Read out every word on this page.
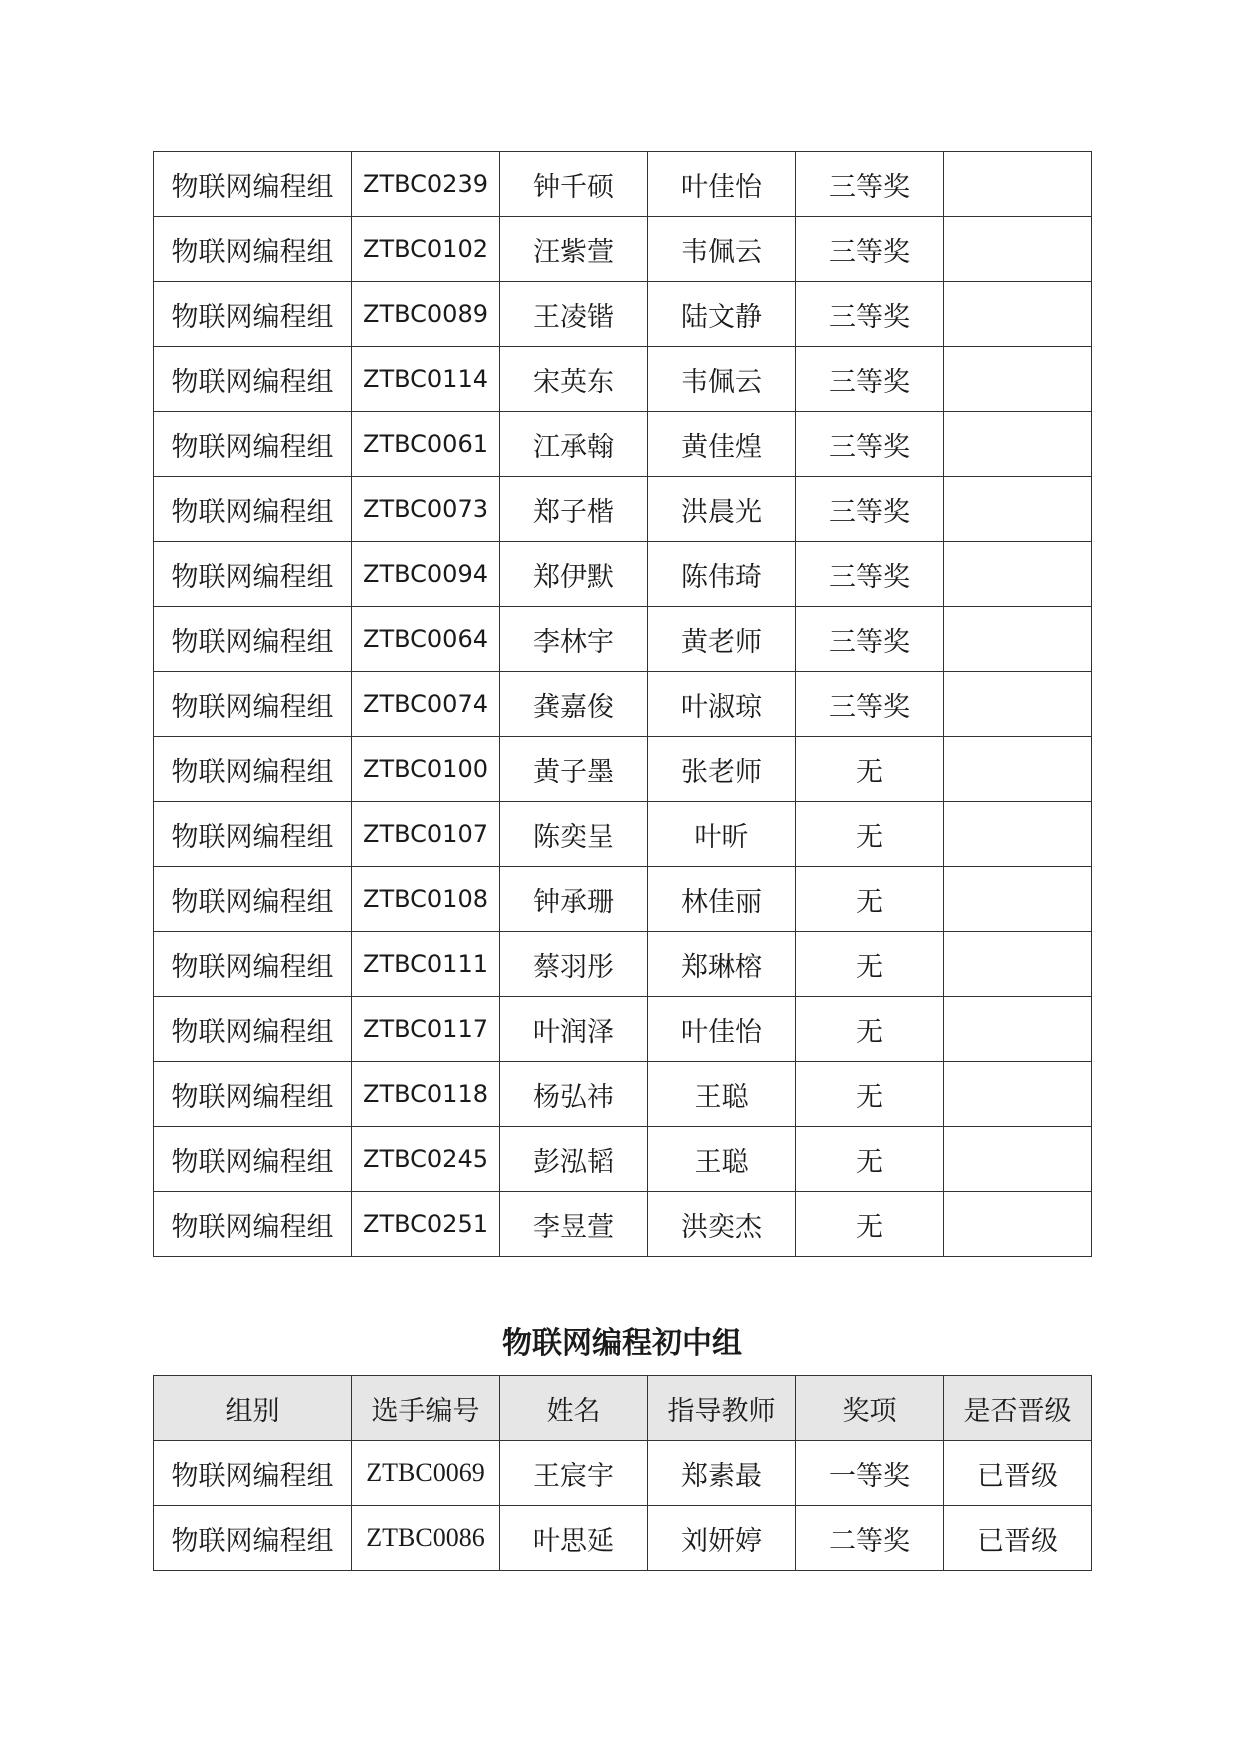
物联网编程组	ZTBC0239	钟千硕	叶佳怡	三等奖	
物联网编程组	ZTBC0102	汪紫萱	韦佩云	三等奖	
物联网编程组	ZTBC0089	王凌锴	陆文静	三等奖	
物联网编程组	ZTBC0114	宋英东	韦佩云	三等奖	
物联网编程组	ZTBC0061	江承翰	黄佳煌	三等奖	
物联网编程组	ZTBC0073	郑子楷	洪晨光	三等奖	
物联网编程组	ZTBC0094	郑伊默	陈伟琦	三等奖	
物联网编程组	ZTBC0064	李林宇	黄老师	三等奖	
物联网编程组	ZTBC0074	龚嘉俊	叶淑琼	三等奖	
物联网编程组	ZTBC0100	黄子墨	张老师	无	
物联网编程组	ZTBC0107	陈奕呈	叶昕	无	
物联网编程组	ZTBC0108	钟承珊	林佳丽	无	
物联网编程组	ZTBC0111	蔡羽彤	郑琳榕	无	
物联网编程组	ZTBC0117	叶润泽	叶佳怡	无	
物联网编程组	ZTBC0118	杨弘祎	王聪	无	
物联网编程组	ZTBC0245	彭泓韬	王聪	无	
物联网编程组	ZTBC0251	李昱萱	洪奕杰	无	
物联网编程初中组
组别	选手编号	姓名	指导教师	奖项	是否晋级
物联网编程组	ZTBC0069	王宸宇	郑素最	一等奖	已晋级
物联网编程组	ZTBC0086	叶思延	刘妍婷	二等奖	已晋级
